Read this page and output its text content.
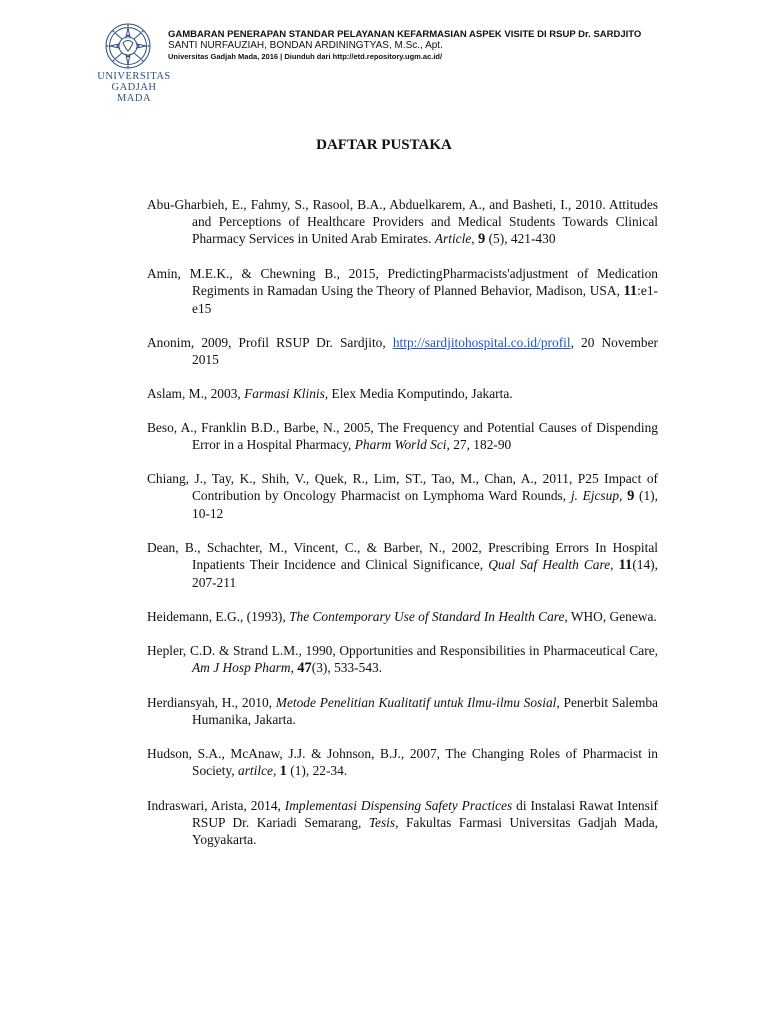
UNIVERSITAS
GADJAH MADA

GAMBARAN PENERAPAN STANDAR PELAYANAN KEFARMASIAN ASPEK VISITE DI RSUP Dr. SARDJITO

SANTI NURFAUZIAH, BONDAN ARDININGTYAS, M.Sc., Apt.

Universitas Gadjah Mada, 2016 | Diunduh dari http://etd.repository.ugm.ac.id/

DAFTAR PUSTAKA

Abu-Gharbieh, E., Fahmy, S., Rasool, B.A., Abduelkarem, A., and Basheti, I., 2010. Attitudes and Perceptions of Healthcare Providers and Medical Students Towards Clinical Pharmacy Services in United Arab Emirates. Article, 9 (5), 421-430

Amin, M.E.K., & Chewning B., 2015, PredictingPharmacists'adjustment of Medication Regiments in Ramadan Using the Theory of Planned Behavior, Madison, USA, 11:e1-e15

Anonim, 2009, Profil RSUP Dr. Sardjito, http://sardjitohospital.co.id/profil, 20 November 2015

Aslam, M., 2003, Farmasi Klinis, Elex Media Komputindo, Jakarta.

Beso, A., Franklin B.D., Barbe, N., 2005, The Frequency and Potential Causes of Dispending Error in a Hospital Pharmacy, Pharm World Sci, 27, 182-90

Chiang, J., Tay, K., Shih, V., Quek, R., Lim, ST., Tao, M., Chan, A., 2011, P25 Impact of Contribution by Oncology Pharmacist on Lymphoma Ward Rounds, j. Ejcsup, 9 (1), 10-12

Dean, B., Schachter, M., Vincent, C., & Barber, N., 2002, Prescribing Errors In Hospital Inpatients Their Incidence and Clinical Significance, Qual Saf Health Care, 11(14), 207-211

Heidemann, E.G., (1993), The Contemporary Use of Standard In Health Care, WHO, Genewa.

Hepler, C.D. & Strand L.M., 1990, Opportunities and Responsibilities in Pharmaceutical Care, Am J Hosp Pharm, 47(3), 533-543.

Herdiansyah, H., 2010, Metode Penelitian Kualitatif untuk Ilmu-ilmu Sosial, Penerbit Salemba Humanika, Jakarta.

Hudson, S.A., McAnaw, J.J. & Johnson, B.J., 2007, The Changing Roles of Pharmacist in Society, artilce, 1 (1), 22-34.

Indraswari, Arista, 2014, Implementasi Dispensing Safety Practices di Instalasi Rawat Intensif RSUP Dr. Kariadi Semarang, Tesis, Fakultas Farmasi Universitas Gadjah Mada, Yogyakarta.
